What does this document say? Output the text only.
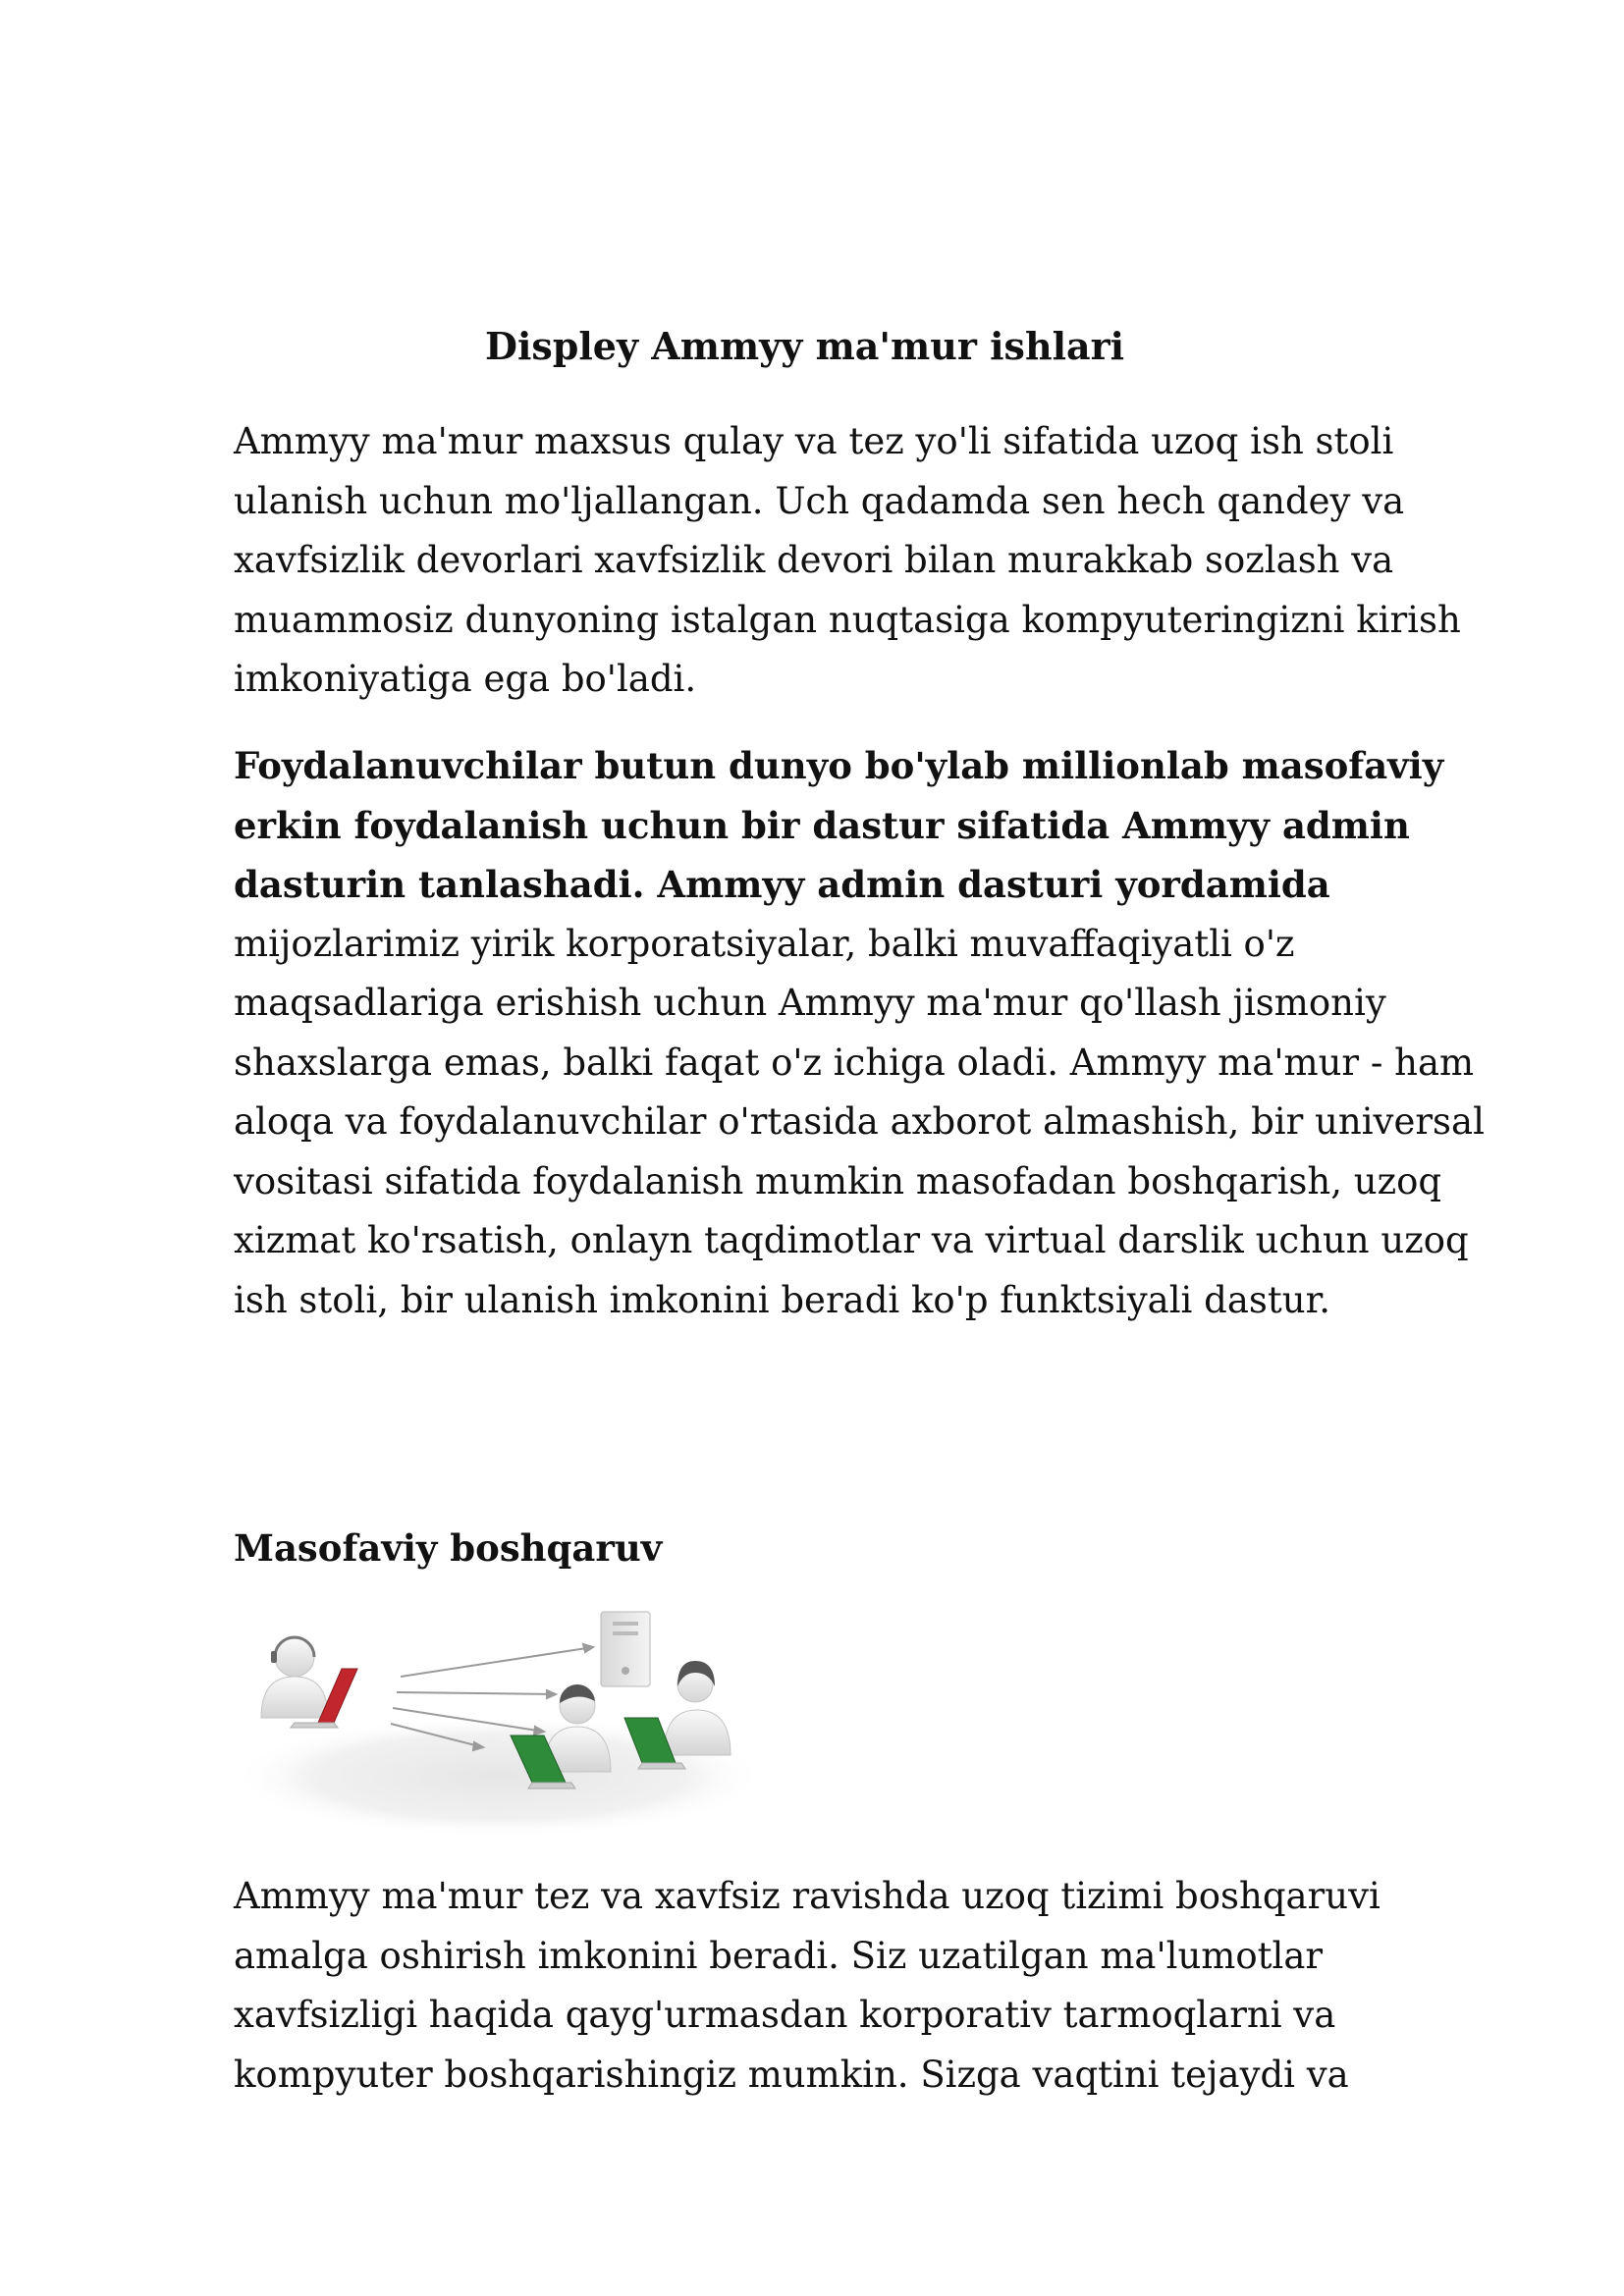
Displey Ammyy ma'mur ishlari

Ammyy ma'mur maxsus qulay va tez yo'li sifatida uzoq ish stoli
ulanish uchun mo'ljallangan. Uch qadamda sen hech qandey va
xavfsizlik devorlari xavfsizlik devori bilan murakkab sozlash va
muammosiz dunyoning istalgan nuqtasiga kompyuteringizni kirish
imkoniyatiga ega bo'ladi.

Foydalanuvchilar butun dunyo bo'ylab millionlab masofaviy
erkin foydalanish uchun bir dastur sifatida Ammyy admin
dasturin tanlashadi. Ammyy admin dasturi yordamida
mijozlarimiz yirik korporatsiyalar, balki muvaffaqiyatli o'z
maqsadlariga erishish uchun Ammyy ma'mur qo'llash jismoniy
shaxslarga emas, balki faqat o'z ichiga oladi. Ammyy ma'mur - ham
aloqa va foydalanuvchilar o'rtasida axborot almashish, bir universal
vositasi sifatida foydalanish mumkin masofadan boshqarish, uzoq
xizmat ko'rsatish, onlayn taqdimotlar va virtual darslik uchun uzoq
ish stoli, bir ulanish imkonini beradi ko'p funktsiyali dastur.

Masofaviy boshqaruv

Ammyy ma'mur tez va xavfsiz ravishda uzoq tizimi boshqaruvi
amalga oshirish imkonini beradi. Siz uzatilgan ma'lumotlar
xavfsizligi haqida qayg'urmasdan korporativ tarmoqlarni va
kompyuter boshqarishingiz mumkin. Sizga vaqtini tejaydi va
